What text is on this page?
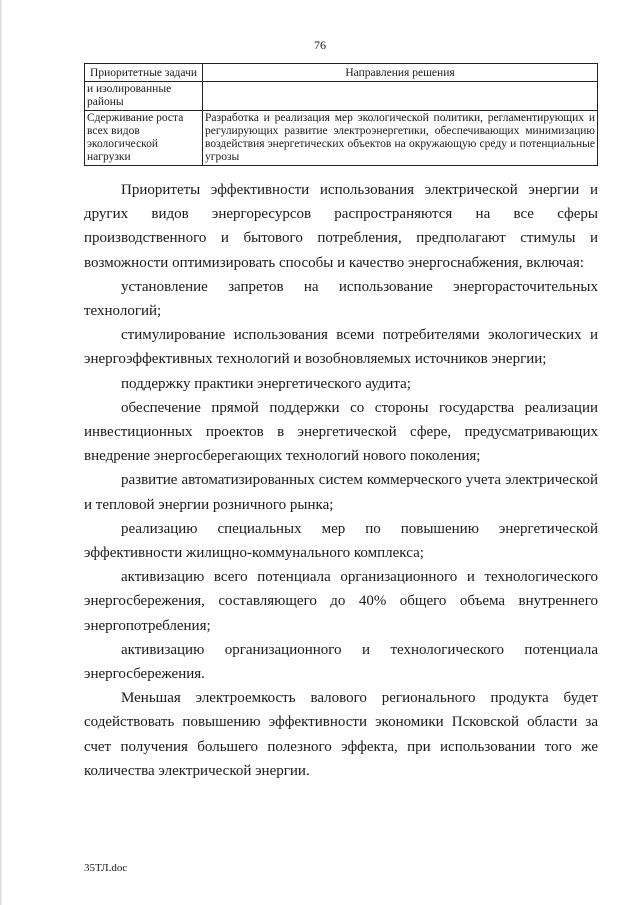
76
Приоритетные задачи	Направления решения
и изолированные районы	
Сдерживание роста всех видов экологической нагрузки	Разработка и реализация мер экологической политики, регламентирующих и регулирующих развитие электроэнергетики, обеспечивающих минимизацию воздействия энергетических объектов на окружающую среду и потенциальные угрозы

Приоритеты эффективности использования электрической энергии и других видов энергоресурсов распространяются на все сферы производственного и бытового потребления, предполагают стимулы и возможности оптимизировать способы и качество энергоснабжения, включая:

установление запретов на использование энергорасточительных технологий;

стимулирование использования всеми потребителями экологических и энергоэффективных технологий и возобновляемых источников энергии;

поддержку практики энергетического аудита;

обеспечение прямой поддержки со стороны государства реализации инвестиционных проектов в энергетической сфере, предусматривающих внедрение энергосберегающих технологий нового поколения;

развитие автоматизированных систем коммерческого учета электрической и тепловой энергии розничного рынка;

реализацию специальных мер по повышению энергетической эффективности жилищно-коммунального комплекса;

активизацию всего потенциала организационного и технологического энергосбережения, составляющего до 40% общего объема внутреннего энергопотребления;

активизацию организационного и технологического потенциала энергосбережения.

Меньшая электроемкость валового регионального продукта будет содействовать повышению эффективности экономики Псковской области за счет получения большего полезного эффекта, при использовании того же количества электрической энергии.

35ТЛ.doc
